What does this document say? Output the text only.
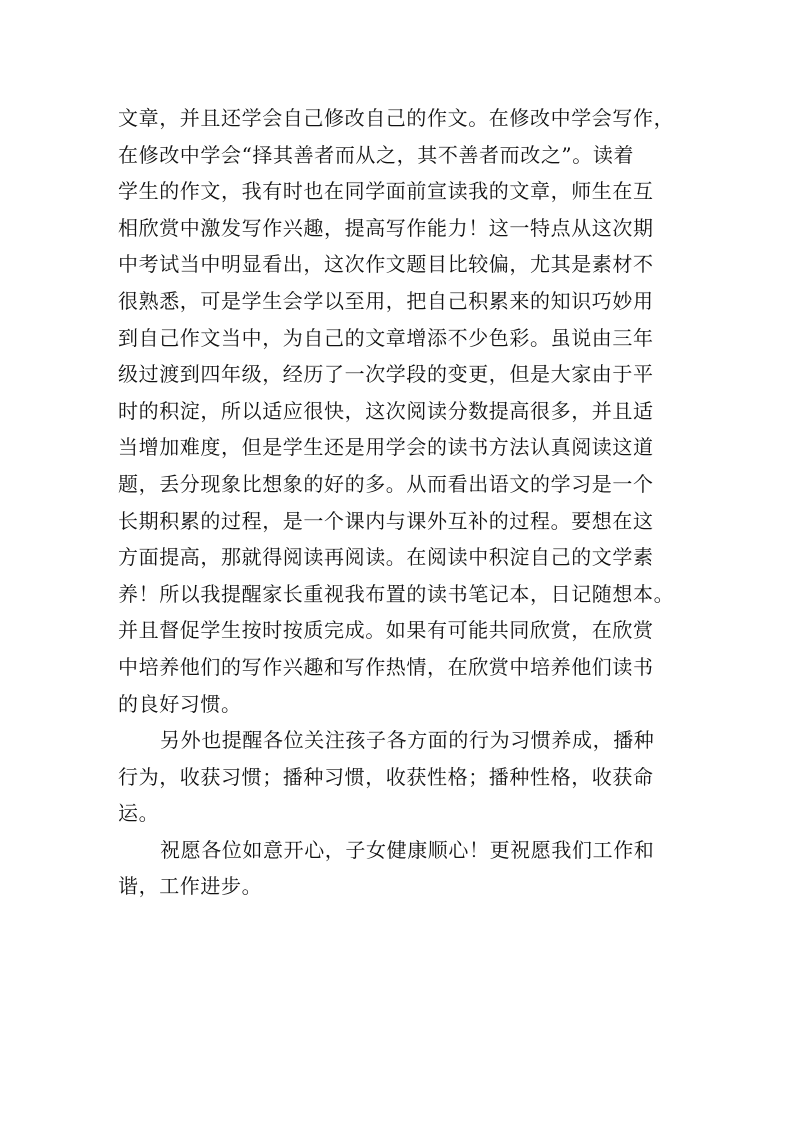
文章，并且还学会自己修改自己的作文。在修改中学会写作，
在修改中学会“择其善者而从之，其不善者而改之”。读着
学生的作文，我有时也在同学面前宣读我的文章，师生在互
相欣赏中激发写作兴趣，提高写作能力！这一特点从这次期
中考试当中明显看出，这次作文题目比较偏，尤其是素材不
很熟悉，可是学生会学以至用，把自己积累来的知识巧妙用
到自己作文当中，为自己的文章增添不少色彩。虽说由三年
级过渡到四年级，经历了一次学段的变更，但是大家由于平
时的积淀，所以适应很快，这次阅读分数提高很多，并且适
当增加难度，但是学生还是用学会的读书方法认真阅读这道
题，丢分现象比想象的好的多。从而看出语文的学习是一个
长期积累的过程，是一个课内与课外互补的过程。要想在这
方面提高，那就得阅读再阅读。在阅读中积淀自己的文学素
养！所以我提醒家长重视我布置的读书笔记本，日记随想本。
并且督促学生按时按质完成。如果有可能共同欣赏，在欣赏
中培养他们的写作兴趣和写作热情，在欣赏中培养他们读书
的良好习惯。
另外也提醒各位关注孩子各方面的行为习惯养成，播种
行为，收获习惯；播种习惯，收获性格；播种性格，收获命
运。
祝愿各位如意开心，子女健康顺心！更祝愿我们工作和
谐，工作进步。
